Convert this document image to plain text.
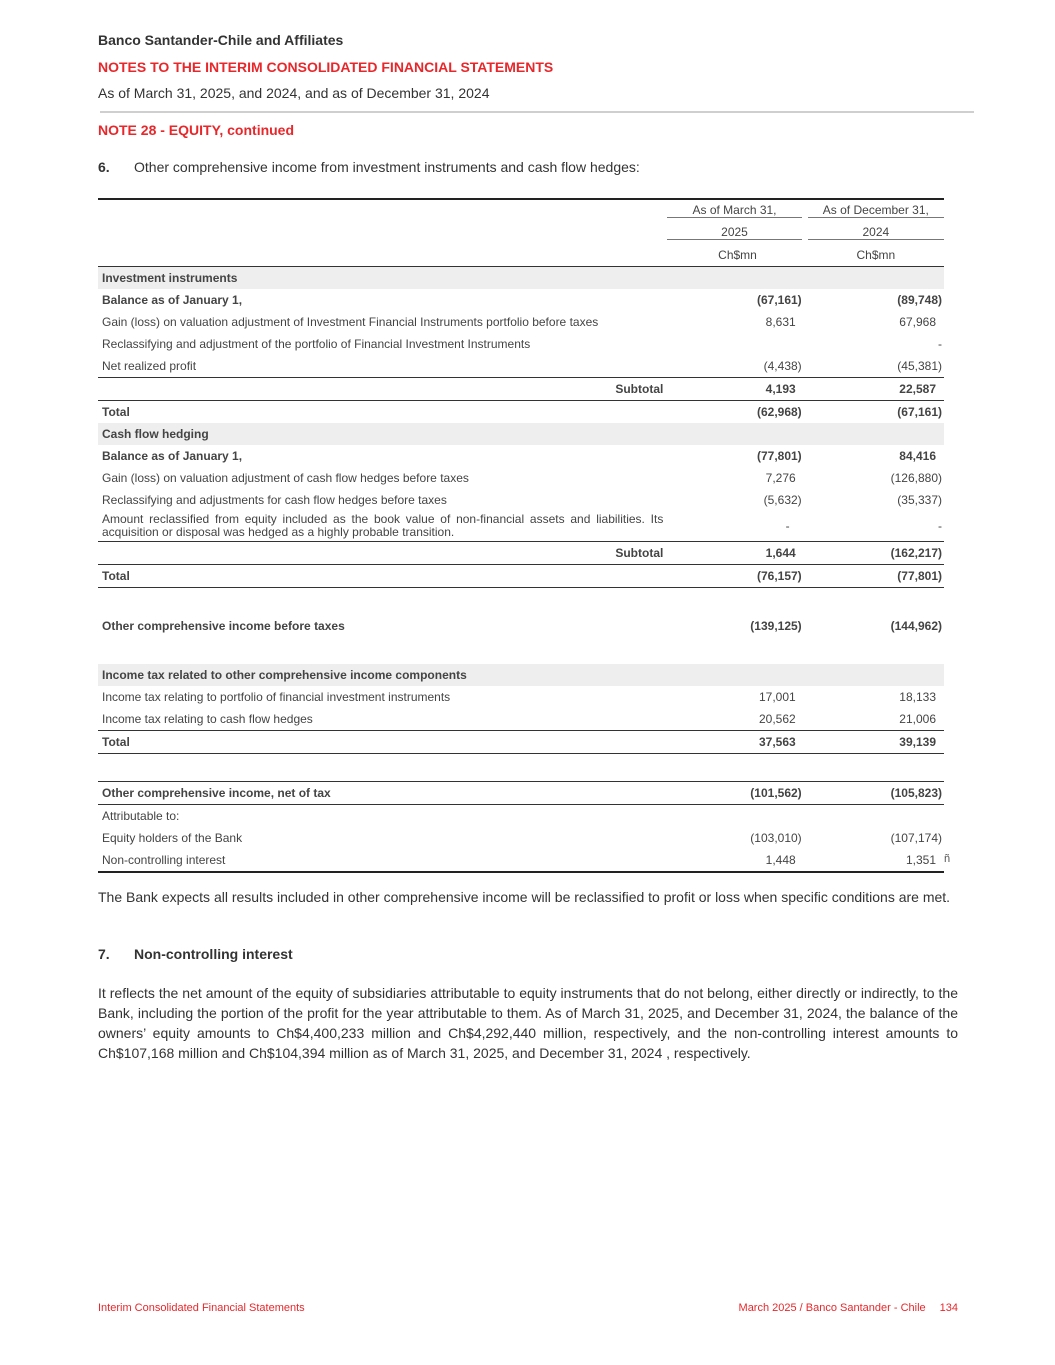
Banco Santander-Chile and Affiliates
NOTES TO THE INTERIM CONSOLIDATED FINANCIAL STATEMENTS
As of March 31, 2025, and 2024, and as of December 31, 2024
NOTE 28 - EQUITY, continued
6. Other comprehensive income from investment instruments and cash flow hedges:

	As of March 31,	As of December 31,

	2025	2024

	Ch$mn	Ch$mn
Investment instruments		
Balance as of January 1,	(67,161)	(89,748)
Gain (loss) on valuation adjustment of Investment Financial Instruments portfolio before taxes	8,631	67,968
Reclassifying and adjustment of the portfolio of Financial Investment Instruments		-
Net realized profit	(4,438)	(45,381)
Subtotal	4,193	22,587
Total	(62,968)	(67,161)
Cash flow hedging		
Balance as of January 1,	(77,801)	84,416
Gain (loss) on valuation adjustment of cash flow hedges before taxes	7,276	(126,880)
Reclassifying and adjustments for cash flow hedges before taxes	(5,632)	(35,337)
Amount reclassified from equity included as the book value of non-financial assets and liabilities. Its acquisition or disposal was hedged as a highly probable transition.	-	-
Subtotal	1,644	(162,217)
Total	(76,157)	(77,801)

Other comprehensive income before taxes	(139,125)	(144,962)

Income tax related to other comprehensive income components		
Income tax relating to portfolio of financial investment instruments	17,001	18,133
Income tax relating to cash flow hedges	20,562	21,006
Total	37,563	39,139

Other comprehensive income, net of tax	(101,562)	(105,823)
Attributable to:		
Equity holders of the Bank	(103,010)	(107,174)
Non-controlling interest	1,448	1,351 ñ
The Bank expects all results included in other comprehensive income will be reclassified to profit or loss when specific conditions are met.
7. Non-controlling interest
It reflects the net amount of the equity of subsidiaries attributable to equity instruments that do not belong, either directly or indirectly, to the Bank, including the portion of the profit for the year attributable to them. As of March 31, 2025, and December 31, 2024, the balance of the owners’ equity amounts to Ch$4,400,233 million and Ch$4,292,440 million, respectively, and the non-controlling interest amounts to Ch$107,168 million and Ch$104,394 million as of March 31, 2025, and December 31, 2024 , respectively.
Interim Consolidated Financial Statements	March 2025 / Banco Santander - Chile 134
